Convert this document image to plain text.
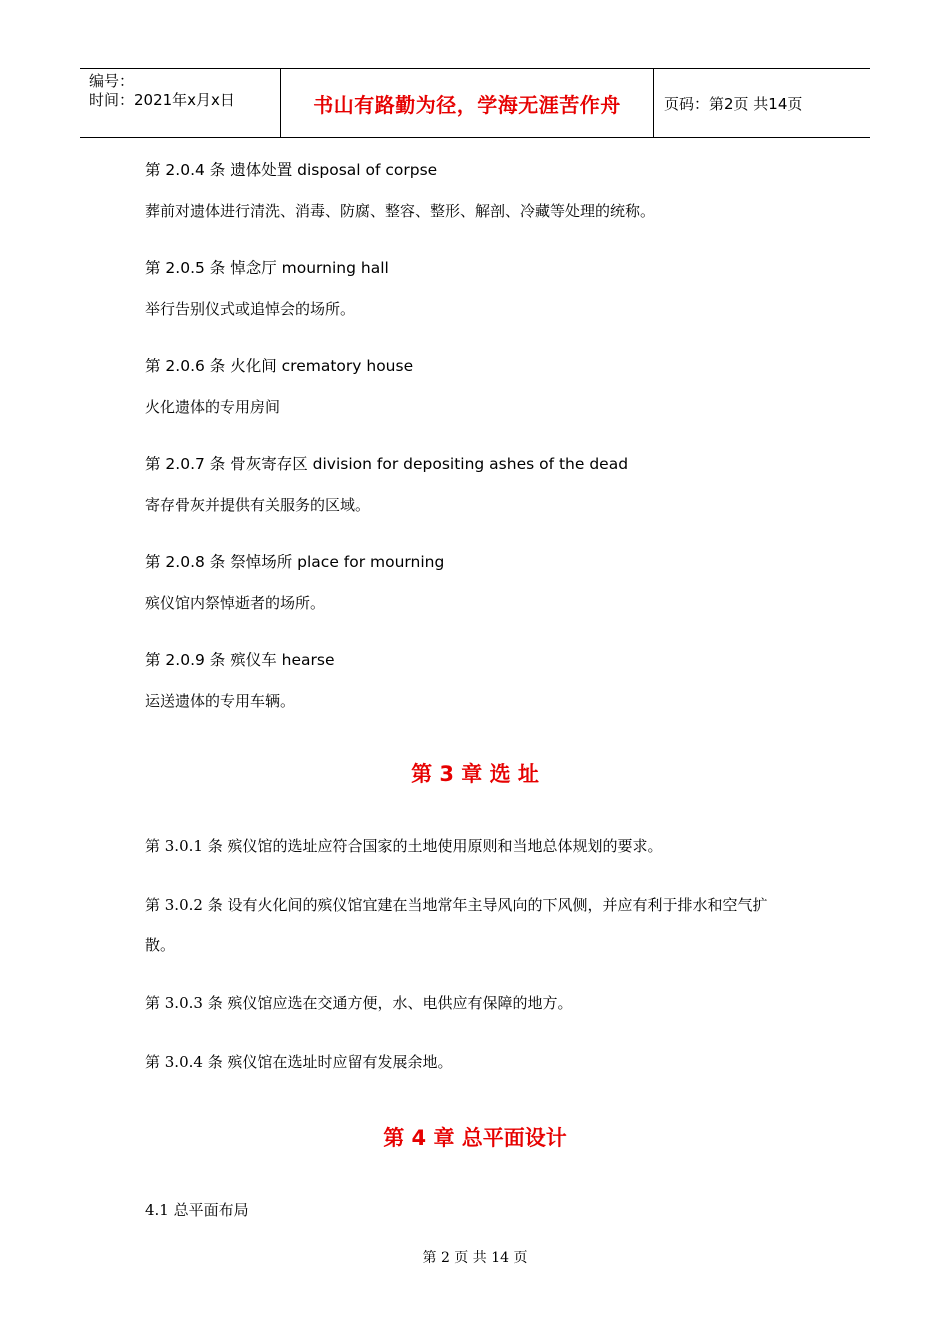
编号：
时间：2021年x月x日	书山有路勤为径，学海无涯苦作舟	页码：第2页 共14页
第 2.0.4 条 遗体处置 disposal of corpse
葬前对遗体进行清洗、消毒、防腐、整容、整形、解剖、冷藏等处理的统称。
第 2.0.5 条 悼念厅 mourning hall
举行告别仪式或追悼会的场所。
第 2.0.6 条 火化间 crematory house
火化遗体的专用房间
第 2.0.7 条 骨灰寄存区 division for depositing ashes of the dead
寄存骨灰并提供有关服务的区域。
第 2.0.8 条 祭悼场所 place for mourning
殡仪馆内祭悼逝者的场所。
第 2.0.9 条 殡仪车 hearse
运送遗体的专用车辆。
第 3 章 选 址
第 3.0.1 条 殡仪馆的选址应符合国家的土地使用原则和当地总体规划的要求。
第 3.0.2 条 设有火化间的殡仪馆宜建在当地常年主导风向的下风侧，并应有利于排水和空气扩
散。
第 3.0.3 条 殡仪馆应选在交通方便，水、电供应有保障的地方。
第 3.0.4 条 殡仪馆在选址时应留有发展余地。
第 4 章 总平面设计
4.1 总平面布局
第 2 页 共 14 页
